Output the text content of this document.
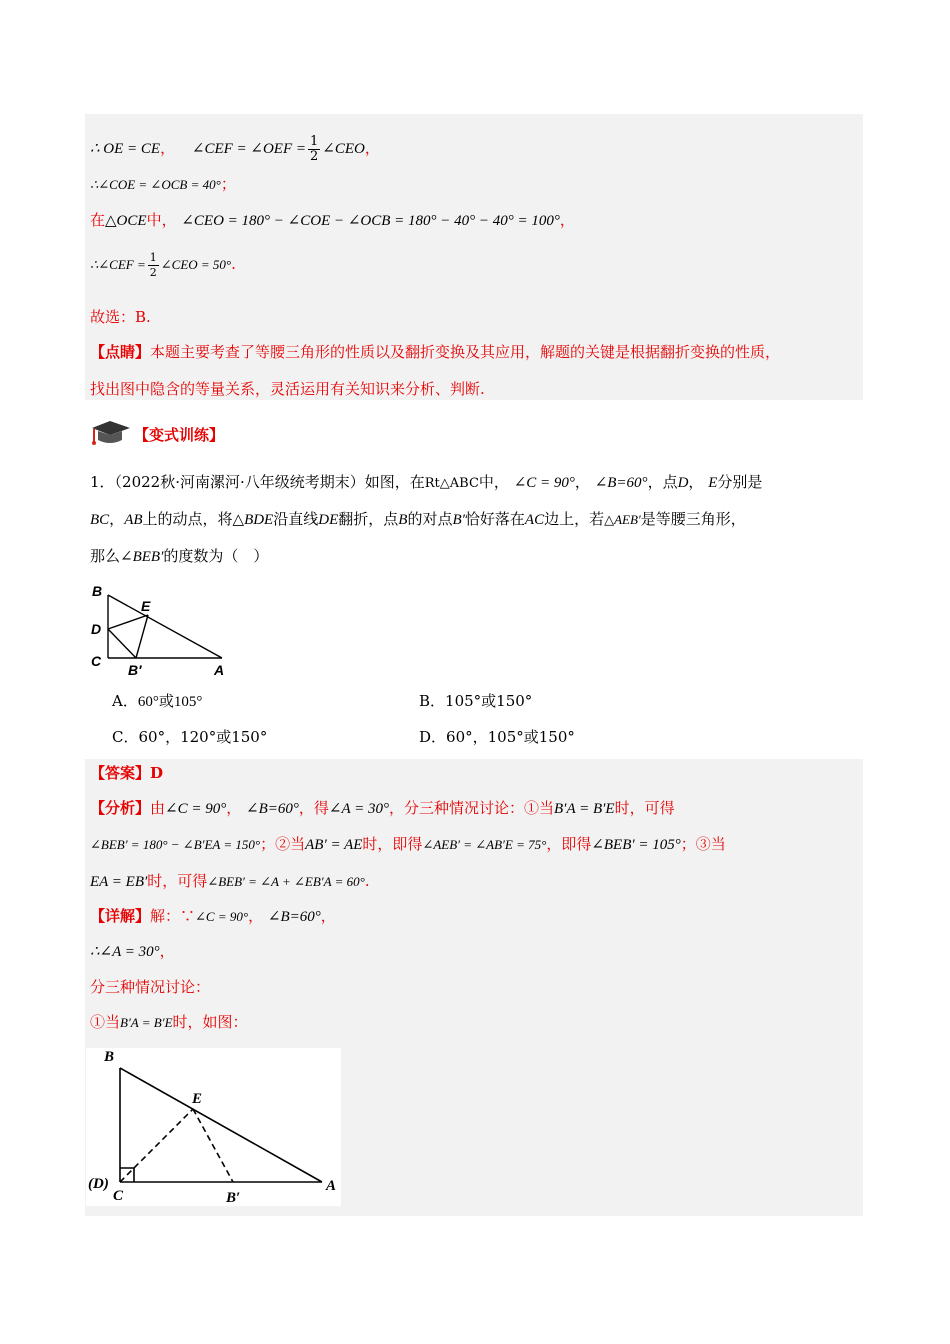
∴ OE = CE， ∠CEF = ∠OEF = $\frac{1}{2}$ ∠CEO，
∴∠COE = ∠OCB = 40°；
在△OCE中， ∠CEO = 180° − ∠COE − ∠OCB = 180° − 40° − 40° = 100°，
∴∠CEF = $\frac{1}{2}$ ∠CEO = 50°.
故选：B.
【点睛】本题主要考查了等腰三角形的性质以及翻折变换及其应用，解题的关键是根据翻折变换的性质，
找出图中隐含的等量关系，灵活运用有关知识来分析、判断.
【变式训练】
1．（2022秋·河南漯河·八年级统考期末）如图，在Rt△ABC中， ∠C = 90°， ∠B=60°，点D， E分别是
BC，AB上的动点，将△BDE沿直线DE翻折，点B的对点B′恰好落在AC边上，若△AEB′是等腰三角形，
那么∠BEB′的度数为（　）
B
E
D
C
B′	A
A．60°或105°	B．105°或150°
C．60°，120°或150°	D．60°，105°或150°
【答案】D
【分析】由∠C = 90°， ∠B=60°，得∠A = 30°，分三种情况讨论：①当B′A = B′E时，可得
∠BEB′ = 180° − ∠B′EA = 150°；②当AB′ = AE时，即得∠AEB′ = ∠AB′E = 75°，即得∠BEB′ = 105°；③当
EA = EB′时，可得∠BEB′ = ∠A + ∠EB′A = 60°.
【详解】解：∵∠C = 90°， ∠B=60°，
∴∠A = 30°，
分三种情况讨论：
①当B′A = B′E时，如图：
B
E
(D)
C	B′
A
